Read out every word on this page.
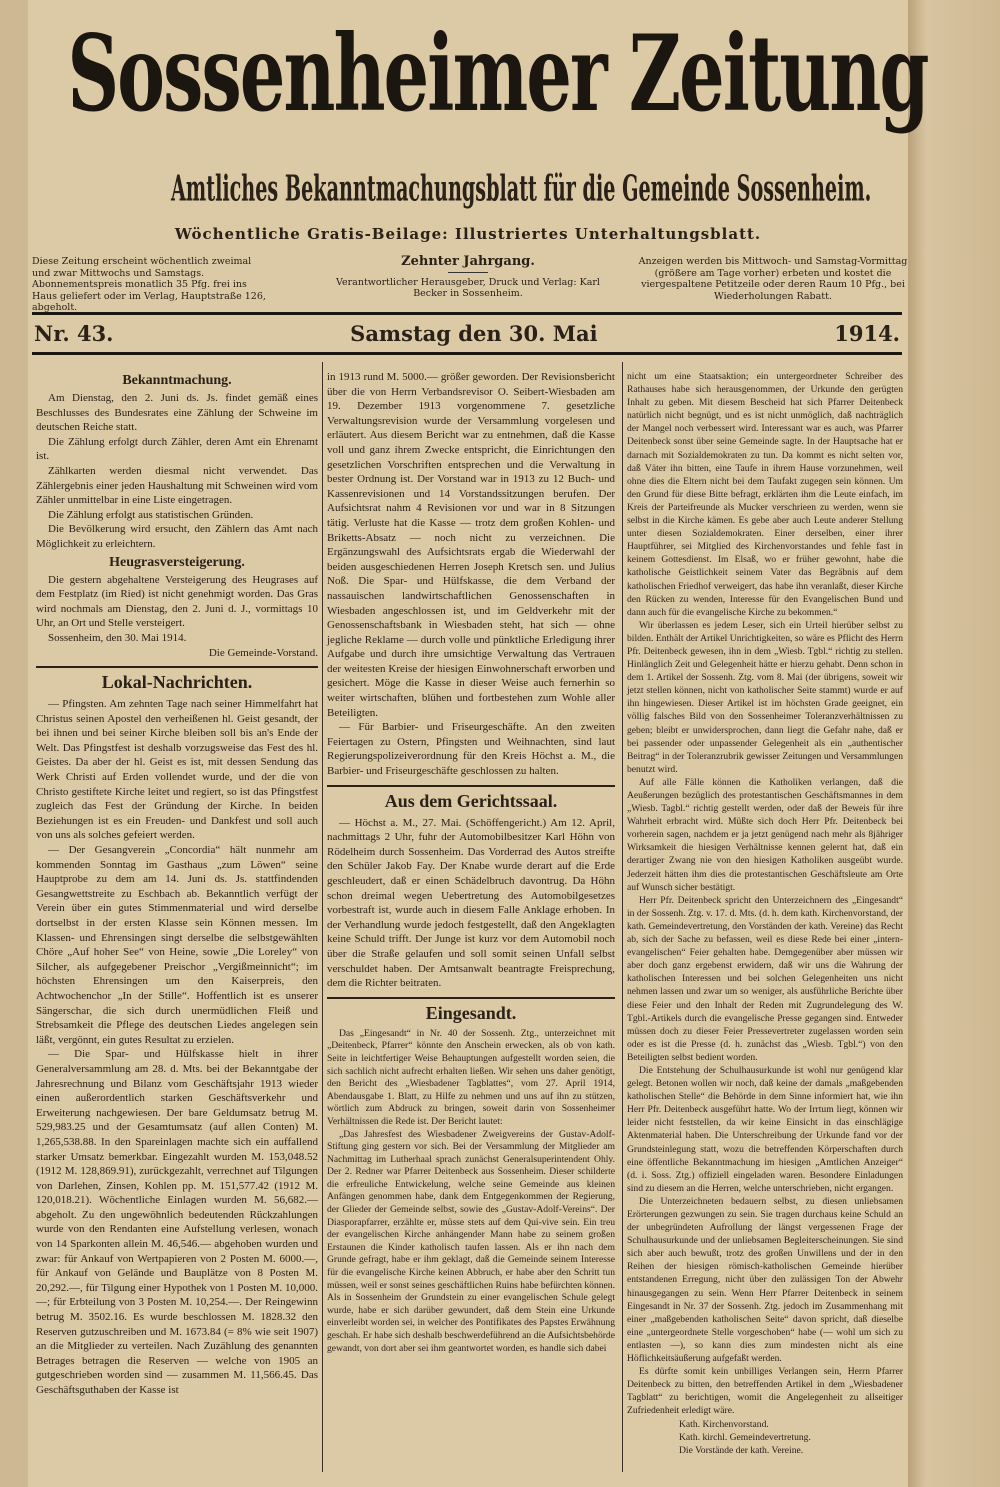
Sossenheimer Zeitung
Amtliches Bekanntmachungsblatt für die Gemeinde Sossenheim.
Wöchentliche Gratis-Beilage: Illustriertes Unterhaltungsblatt.
Diese Zeitung erscheint wöchentlich zweimal und zwar Mittwochs und Samstags. Abonnementspreis monatlich 35 Pfg. frei ins Haus geliefert oder im Verlag, Hauptstraße 126, abgeholt.
Zehnter Jahrgang.
Verantwortlicher Herausgeber, Druck und Verlag: Karl Becker in Sossenheim.
Anzeigen werden bis Mittwoch- und Samstag-Vormittag (größere am Tage vorher) erbeten und kostet die viergespaltene Petitzeile oder deren Raum 10 Pfg., bei Wiederholungen Rabatt.
Nr. 43.	Samstag den 30. Mai	1914.
Bekanntmachung.

Am Dienstag, den 2. Juni ds. Js. findet gemäß eines Beschlusses des Bundesrates eine Zählung der Schweine im deutschen Reiche statt.

Die Zählung erfolgt durch Zähler, deren Amt ein Ehrenamt ist.

Zählkarten werden diesmal nicht verwendet. Das Zählergebnis einer jeden Haushaltung mit Schweinen wird vom Zähler unmittelbar in eine Liste eingetragen.

Die Zählung erfolgt aus statistischen Gründen.

Die Bevölkerung wird ersucht, den Zählern das Amt nach Möglichkeit zu erleichtern.

Heugrasversteigerung.

Die gestern abgehaltene Versteigerung des Heugrases auf dem Festplatz (im Ried) ist nicht genehmigt worden. Das Gras wird nochmals am Dienstag, den 2. Juni d. J., vormittags 10 Uhr, an Ort und Stelle versteigert.

Sossenheim, den 30. Mai 1914.

Die Gemeinde-Vorstand.

Lokal-Nachrichten.

— Pfingsten. Am zehnten Tage nach seiner Himmelfahrt hat Christus seinen Apostel den verheißenen hl. Geist gesandt, der bei ihnen und bei seiner Kirche bleiben soll bis an's Ende der Welt. Das Pfingstfest ist deshalb vorzugsweise das Fest des hl. Geistes. Da aber der hl. Geist es ist, mit dessen Sendung das Werk Christi auf Erden vollendet wurde, und der die von Christo gestiftete Kirche leitet und regiert, so ist das Pfingstfest zugleich das Fest der Gründung der Kirche. In beiden Beziehungen ist es ein Freuden- und Dankfest und soll auch von uns als solches gefeiert werden.

— Der Gesangverein „Concordia“ hält nunmehr am kommenden Sonntag im Gasthaus „zum Löwen“ seine Hauptprobe zu dem am 14. Juni ds. Js. stattfindenden Gesangwettstreite zu Eschbach ab. Bekanntlich verfügt der Verein über ein gutes Stimmenmaterial und wird derselbe dortselbst in der ersten Klasse sein Können messen. Im Klassen- und Ehrensingen singt derselbe die selbstgewählten Chöre „Auf hoher See“ von Heine, sowie „Die Loreley“ von Silcher, als aufgegebener Preischor „Vergißmeinnicht“; im höchsten Ehrensingen um den Kaiserpreis, den Achtwochenchor „In der Stille“. Hoffentlich ist es unserer Sängerschar, die sich durch unermüdlichen Fleiß und Strebsamkeit die Pflege des deutschen Liedes angelegen sein läßt, vergönnt, ein gutes Resultat zu erzielen.

— Die Spar- und Hülfskasse hielt in ihrer Generalversammlung am 28. d. Mts. bei der Bekanntgabe der Jahresrechnung und Bilanz vom Geschäftsjahr 1913 wieder einen außerordentlich starken Geschäftsverkehr und Erweiterung nachgewiesen. Der bare Geldumsatz betrug M. 529,983.25 und der Gesamtumsatz (auf allen Conten) M. 1,265,538.88. In den Spareinlagen machte sich ein auffallend starker Umsatz bemerkbar. Eingezahlt wurden M. 153,048.52 (1912 M. 128,869.91), zurückgezahlt, verrechnet auf Tilgungen von Darlehen, Zinsen, Kohlen pp. M. 151,577.42 (1912 M. 120,018.21). Wöchentliche Einlagen wurden M. 56,682.— abgeholt. Zu den ungewöhnlich bedeutenden Rückzahlungen wurde von den Rendanten eine Aufstellung verlesen, wonach von 14 Sparkonten allein M. 46,546.— abgehoben wurden und zwar: für Ankauf von Wertpapieren von 2 Posten M. 6000.—, für Ankauf von Gelände und Bauplätze von 8 Posten M. 20,292.—, für Tilgung einer Hypothek von 1 Posten M. 10,000.—; für Erbteilung von 3 Posten M. 10,254.—. Der Reingewinn betrug M. 3502.16. Es wurde beschlossen M. 1828.32 den Reserven gutzuschreiben und M. 1673.84 (= 8% wie seit 1907) an die Mitglieder zu verteilen. Nach Zuzählung des genannten Betrages betragen die Reserven — welche von 1905 an gutgeschrieben worden sind — zusammen M. 11,566.45. Das Geschäftsguthaben der Kasse ist

in 1913 rund M. 5000.— größer geworden. Der Revisionsbericht über die von Herrn Verbandsrevisor O. Seibert-Wiesbaden am 19. Dezember 1913 vorgenommene 7. gesetzliche Verwaltungsrevision wurde der Versammlung vorgelesen und erläutert. Aus diesem Bericht war zu entnehmen, daß die Kasse voll und ganz ihrem Zwecke entspricht, die Einrichtungen den gesetzlichen Vorschriften entsprechen und die Verwaltung in bester Ordnung ist. Der Vorstand war in 1913 zu 12 Buch- und Kassenrevisionen und 14 Vorstandssitzungen berufen. Der Aufsichtsrat nahm 4 Revisionen vor und war in 8 Sitzungen tätig. Verluste hat die Kasse — trotz dem großen Kohlen- und Briketts-Absatz — noch nicht zu verzeichnen. Die Ergänzungswahl des Aufsichtsrats ergab die Wiederwahl der beiden ausgeschiedenen Herren Joseph Kretsch sen. und Julius Noß. Die Spar- und Hülfskasse, die dem Verband der nassauischen landwirtschaftlichen Genossenschaften in Wiesbaden angeschlossen ist, und im Geldverkehr mit der Genossenschaftsbank in Wiesbaden steht, hat sich — ohne jegliche Reklame — durch volle und pünktliche Erledigung ihrer Aufgabe und durch ihre umsichtige Verwaltung das Vertrauen der weitesten Kreise der hiesigen Einwohnerschaft erworben und gesichert. Möge die Kasse in dieser Weise auch fernerhin so weiter wirtschaften, blühen und fortbestehen zum Wohle aller Beteiligten.

— Für Barbier- und Friseurgeschäfte. An den zweiten Feiertagen zu Ostern, Pfingsten und Weihnachten, sind laut Regierungspolizeiverordnung für den Kreis Höchst a. M., die Barbier- und Friseurgeschäfte geschlossen zu halten.

Aus dem Gerichtssaal.

— Höchst a. M., 27. Mai. (Schöffengericht.) Am 12. April, nachmittags 2 Uhr, fuhr der Automobilbesitzer Karl Höhn von Rödelheim durch Sossenheim. Das Vorderrad des Autos streifte den Schüler Jakob Fay. Der Knabe wurde derart auf die Erde geschleudert, daß er einen Schädelbruch davontrug. Da Höhn schon dreimal wegen Uebertretung des Automobilgesetzes vorbestraft ist, wurde auch in diesem Falle Anklage erhoben. In der Verhandlung wurde jedoch festgestellt, daß den Angeklagten keine Schuld trifft. Der Junge ist kurz vor dem Automobil noch über die Straße gelaufen und soll somit seinen Unfall selbst verschuldet haben. Der Amtsanwalt beantragte Freisprechung, dem die Richter beitraten.

Eingesandt.

Das „Eingesandt“ in Nr. 40 der Sossenh. Ztg., unterzeichnet mit „Deitenbeck, Pfarrer“ könnte den Anschein erwecken, als ob von kath. Seite in leichtfertiger Weise Behauptungen aufgestellt worden seien, die sich sachlich nicht aufrecht erhalten ließen. Wir sehen uns daher genötigt, den Bericht des „Wiesbadener Tagblattes“, vom 27. April 1914, Abendausgabe 1. Blatt, zu Hilfe zu nehmen und uns auf ihn zu stützen, wörtlich zum Abdruck zu bringen, soweit darin von Sossenheimer Verhältnissen die Rede ist. Der Bericht lautet:

„Das Jahresfest des Wiesbadener Zweigvereins der Gustav-Adolf-Stiftung ging gestern vor sich. Bei der Versammlung der Mitglieder am Nachmittag im Lutherhaal sprach zunächst Generalsuperintendent Ohly. Der 2. Redner war Pfarrer Deitenbeck aus Sossenheim. Dieser schilderte die erfreuliche Entwickelung, welche seine Gemeinde aus kleinen Anfängen genommen habe, dank dem Entgegenkommen der Regierung, der Glieder der Gemeinde selbst, sowie des „Gustav-Adolf-Vereins“. Der Diasporapfarrer, erzählte er, müsse stets auf dem Qui-vive sein. Ein treu der evangelischen Kirche anhängender Mann habe zu seinem großen Erstaunen die Kinder katholisch taufen lassen. Als er ihn nach dem Grunde gefragt, habe er ihm geklagt, daß die Gemeinde seinem Interesse für die evangelische Kirche keinen Abbruch, er habe aber den Schritt tun müssen, weil er sonst seines geschäftlichen Ruins habe befürchten können. Als in Sossenheim der Grundstein zu einer evangelischen Schule gelegt wurde, habe er sich darüber gewundert, daß dem Stein eine Urkunde einverleibt worden sei, in welcher des Pontifikates des Papstes Erwähnung geschah. Er habe sich deshalb beschwerdeführend an die Aufsichtsbehörde gewandt, von dort aber sei ihm geantwortet worden, es handle sich dabei

nicht um eine Staatsaktion; ein untergeordneter Schreiber des Rathauses habe sich herausgenommen, der Urkunde den gerügten Inhalt zu geben. Mit diesem Bescheid hat sich Pfarrer Deitenbeck natürlich nicht begnügt, und es ist nicht unmöglich, daß nachträglich der Mangel noch verbessert wird. Interessant war es auch, was Pfarrer Deitenbeck sonst über seine Gemeinde sagte. In der Hauptsache hat er darnach mit Sozialdemokraten zu tun. Da kommt es nicht selten vor, daß Väter ihn bitten, eine Taufe in ihrem Hause vorzunehmen, weil ohne dies die Eltern nicht bei dem Taufakt zugegen sein können. Um den Grund für diese Bitte befragt, erklärten ihm die Leute einfach, im Kreis der Parteifreunde als Mucker verschrieen zu werden, wenn sie selbst in die Kirche kämen. Es gebe aber auch Leute anderer Stellung unter diesen Sozialdemokraten. Einer derselben, einer ihrer Hauptführer, sei Mitglied des Kirchenvorstandes und fehle fast in keinem Gottesdienst. Im Elsaß, wo er früher gewohnt, habe die katholische Geistlichkeit seinem Vater das Begräbnis auf dem katholischen Friedhof verweigert, das habe ihn veranlaßt, dieser Kirche den Rücken zu wenden, Interesse für den Evangelischen Bund und dann auch für die evangelische Kirche zu bekommen.“

Wir überlassen es jedem Leser, sich ein Urteil hierüber selbst zu bilden. Enthält der Artikel Unrichtigkeiten, so wäre es Pflicht des Herrn Pfr. Deitenbeck gewesen, ihn in dem „Wiesb. Tgbl.“ richtig zu stellen. Hinlänglich Zeit und Gelegenheit hätte er hierzu gehabt. Denn schon in dem 1. Artikel der Sossenh. Ztg. vom 8. Mai (der übrigens, soweit wir jetzt stellen können, nicht von katholischer Seite stammt) wurde er auf ihn hingewiesen. Dieser Artikel ist im höchsten Grade geeignet, ein völlig falsches Bild von den Sossenheimer Toleranzverhältnissen zu geben; bleibt er unwidersprochen, dann liegt die Gefahr nahe, daß er bei passender oder unpassender Gelegenheit als ein „authentischer Beitrag“ in der Toleranzrubrik gewisser Zeitungen und Versammlungen benutzt wird.

Auf alle Fälle können die Katholiken verlangen, daß die Aeußerungen bezüglich des protestantischen Geschäftsmannes in dem „Wiesb. Tagbl.“ richtig gestellt werden, oder daß der Beweis für ihre Wahrheit erbracht wird. Müßte sich doch Herr Pfr. Deitenbeck bei vorherein sagen, nachdem er ja jetzt genügend nach mehr als 8jähriger Wirksamkeit die hiesigen Verhältnisse kennen gelernt hat, daß ein derartiger Zwang nie von den hiesigen Katholiken ausgeübt wurde. Jederzeit hätten ihm dies die protestantischen Geschäftsleute am Orte auf Wunsch sicher bestätigt.

Herr Pfr. Deitenbeck spricht den Unterzeichnern des „Eingesandt“ in der Sossenh. Ztg. v. 17. d. Mts. (d. h. dem kath. Kirchenvorstand, der kath. Gemeindevertretung, den Vorständen der kath. Vereine) das Recht ab, sich der Sache zu befassen, weil es diese Rede bei einer „intern-evangelischen“ Feier gehalten habe. Demgegenüber aber müssen wir aber doch ganz ergebenst erwidern, daß wir uns die Wahrung der katholischen Interessen und bei solchen Gelegenheiten uns nicht nehmen lassen und zwar um so weniger, als ausführliche Berichte über diese Feier und den Inhalt der Reden mit Zugrundelegung des W. Tgbl.-Artikels durch die evangelische Presse gegangen sind. Entweder müssen doch zu dieser Feier Pressevertreter zugelassen worden sein oder es ist die Presse (d. h. zunächst das „Wiesb. Tgbl.“) von den Beteiligten selbst bedient worden.

Die Entstehung der Schulhausurkunde ist wohl nur genügend klar gelegt. Betonen wollen wir noch, daß keine der damals „maßgebenden katholischen Stelle“ die Behörde in dem Sinne informiert hat, wie ihn Herr Pfr. Deitenbeck ausgeführt hatte. Wo der Irrtum liegt, können wir leider nicht feststellen, da wir keine Einsicht in das einschlägige Aktenmaterial haben. Die Unterschreibung der Urkunde fand vor der Grundsteinlegung statt, wozu die betreffenden Körperschaften durch eine öffentliche Bekanntmachung im hiesigen „Amtlichen Anzeiger“ (d. i. Soss. Ztg.) offiziell eingeladen waren. Besondere Einladungen sind zu diesem an die Herren, welche unterschrieben, nicht ergangen.

Die Unterzeichneten bedauern selbst, zu diesen unliebsamen Erörterungen gezwungen zu sein. Sie tragen durchaus keine Schuld an der unbegründeten Aufrollung der längst vergessenen Frage der Schulhausurkunde und der unliebsamen Begleiterscheinungen. Sie sind sich aber auch bewußt, trotz des großen Unwillens und der in den Reihen der hiesigen römisch-katholischen Gemeinde hierüber entstandenen Erregung, nicht über den zulässigen Ton der Abwehr hinausgegangen zu sein. Wenn Herr Pfarrer Deitenbeck in seinem Eingesandt in Nr. 37 der Sossenh. Ztg. jedoch im Zusammenhang mit einer „maßgebenden katholischen Seite“ davon spricht, daß dieselbe eine „untergeordnete Stelle vorgeschoben“ habe (— wohl um sich zu entlasten —), so kann dies zum mindesten nicht als eine Höflichkeitsäußerung aufgefaßt werden.

Es dürfte somit kein unbilliges Verlangen sein, Herrn Pfarrer Deitenbeck zu bitten, den betreffenden Artikel in dem „Wiesbadener Tagblatt“ zu berichtigen, womit die Angelegenheit zu allseitiger Zufriedenheit erledigt wäre.

Kath. Kirchenvorstand.

Kath. kirchl. Gemeindevertretung.

Die Vorstände der kath. Vereine.
